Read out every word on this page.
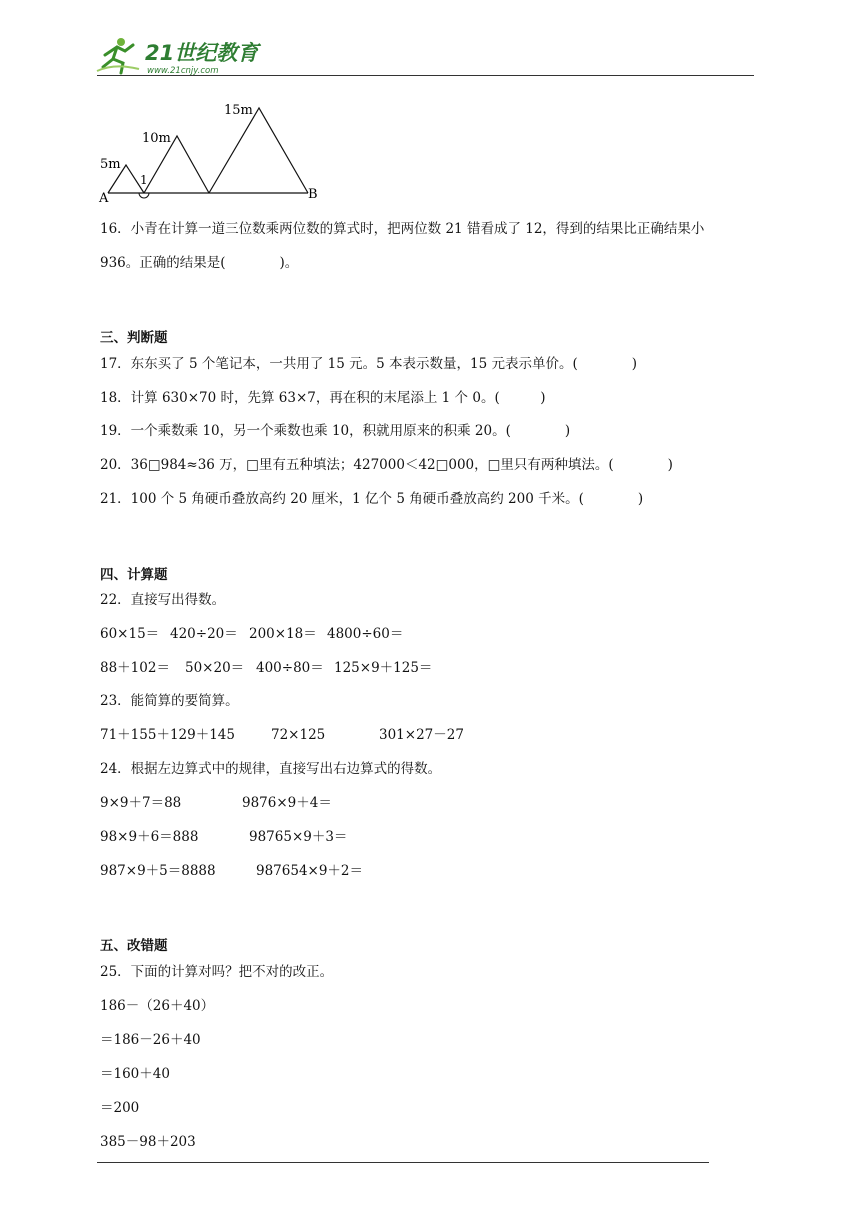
21世纪教育
www.21cnjy.com
5m
10m
15m
1
A	B
16．小青在计算一道三位数乘两位数的算式时，把两位数 21 错看成了 12，得到的结果比正确结果小
936。正确的结果是(　　　　)。
三、判断题
17．东东买了 5 个笔记本，一共用了 15 元。5 本表示数量，15 元表示单价。(　　　　)
18．计算 630×70 时，先算 63×7，再在积的末尾添上 1 个 0。(　　　)
19．一个乘数乘 10，另一个乘数也乘 10，积就用原来的积乘 20。(　　　　)
20．36□984≈36 万，□里有五种填法；427000＜42□000，□里只有两种填法。(　　　　)
21．100 个 5 角硬币叠放高约 20 厘米，1 亿个 5 角硬币叠放高约 200 千米。(　　　　)
四、计算题
22．直接写出得数。
60×15＝ 420÷20＝ 200×18＝ 4800÷60＝
88＋102＝ 50×20＝ 400÷80＝ 125×9＋125＝
23．能简算的要简算。
71＋155＋129＋145	72×125	301×27－27
24．根据左边算式中的规律，直接写出右边算式的得数。
9×9＋7＝88	9876×9＋4＝
98×9＋6＝888	98765×9＋3＝
987×9＋5＝8888	987654×9＋2＝
五、改错题
25．下面的计算对吗？把不对的改正。
186－（26＋40）
＝186－26＋40
＝160＋40
＝200
385－98＋203
